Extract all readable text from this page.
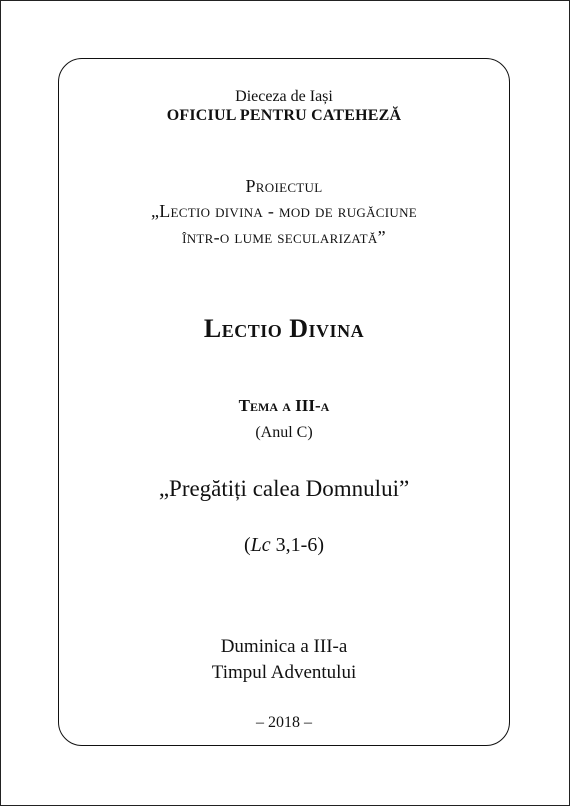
Dieceza de Iași
OFICIUL PENTRU CATEHEZĂ
Proiectul
„Lectio divina - mod de rugăciune
într-o lume secularizată”
Lectio Divina
Tema a III-a
(Anul C)
„Pregătiți calea Domnului”
(Lc 3,1-6)
Duminica a III-a
Timpul Adventului
– 2018 –
